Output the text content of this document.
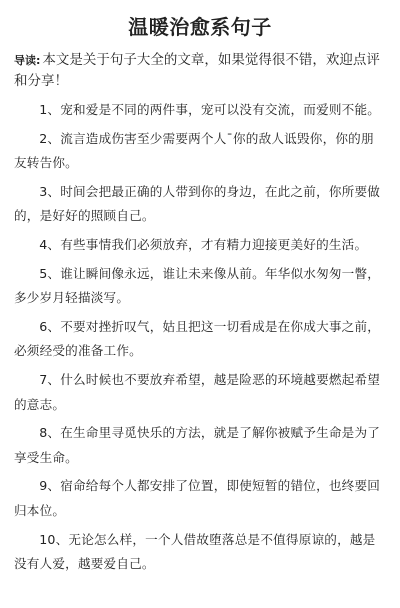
温暖治愈系句子
导读: 本文是关于句子大全的文章，如果觉得很不错，欢迎点评和分享！
1、宠和爱是不同的两件事，宠可以没有交流，而爱则不能。
2、流言造成伤害至少需要两个人¯你的敌人诋毁你，你的朋友转告你。
3、时间会把最正确的人带到你的身边，在此之前，你所要做的，是好好的照顾自己。
4、有些事情我们必须放弃，才有精力迎接更美好的生活。
5、谁让瞬间像永远，谁让未来像从前。年华似水匆匆一瞥，多少岁月轻描淡写。
6、不要对挫折叹气，姑且把这一切看成是在你成大事之前，必须经受的准备工作。
7、什么时候也不要放弃希望，越是险恶的环境越要燃起希望的意志。
8、在生命里寻觅快乐的方法，就是了解你被赋予生命是为了享受生命。
9、宿命给每个人都安排了位置，即使短暂的错位，也终要回归本位。
10、无论怎么样，一个人借故堕落总是不值得原谅的，越是没有人爱，越要爱自己。
